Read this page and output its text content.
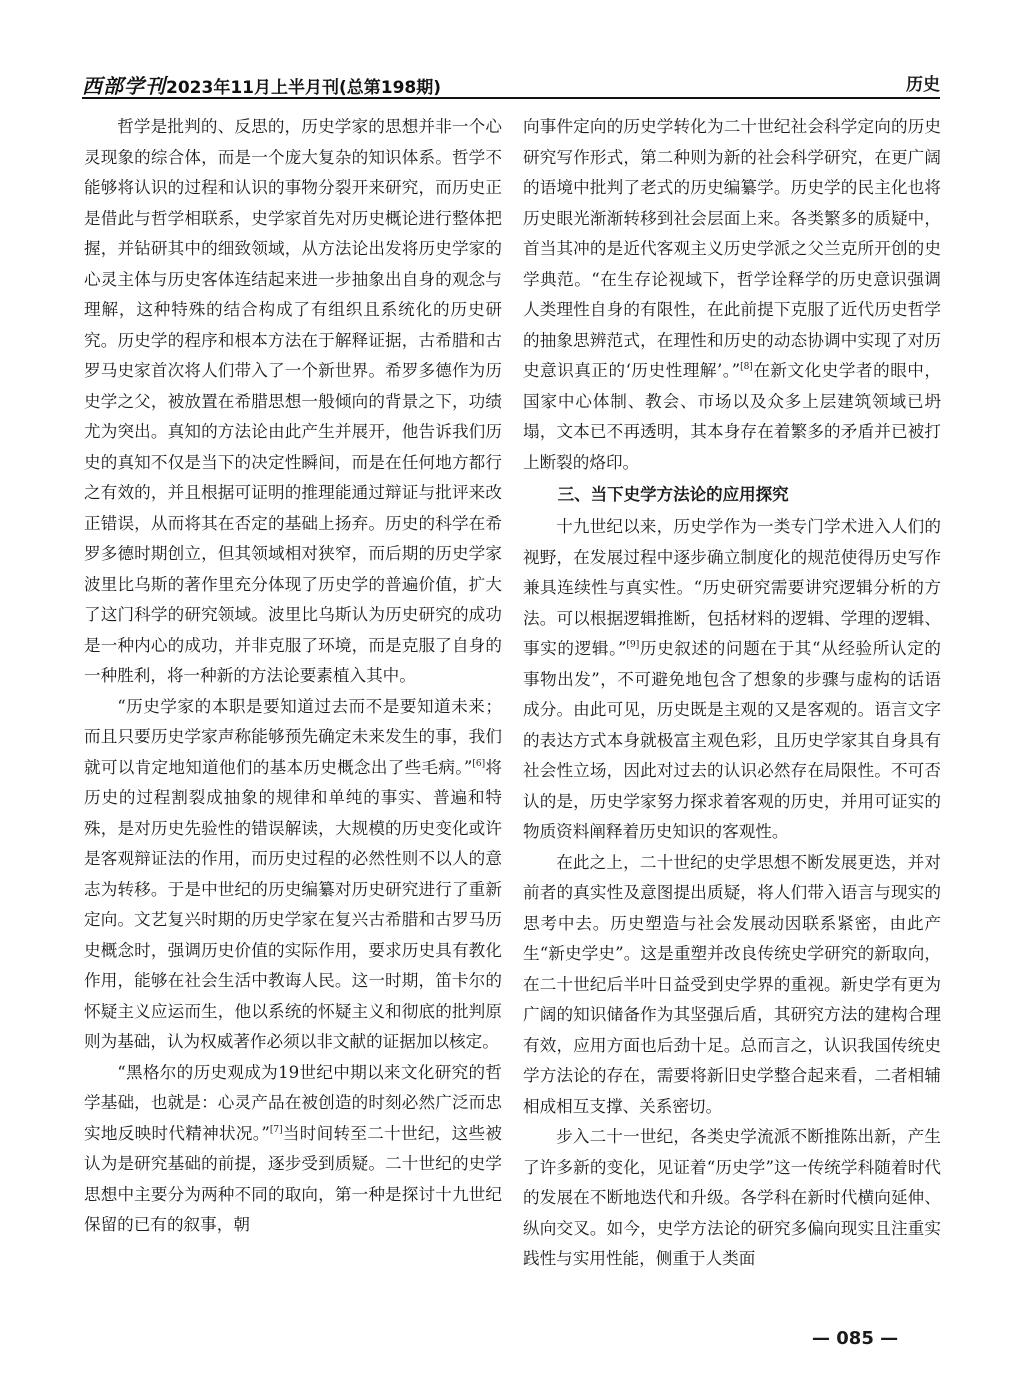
西部学刊 2023年11月上半月刊(总第198期)	历史

哲学是批判的、反思的，历史学家的思想并非一个心灵现象的综合体，而是一个庞大复杂的知识体系。哲学不能够将认识的过程和认识的事物分裂开来研究，而历史正是借此与哲学相联系，史学家首先对历史概论进行整体把握，并钻研其中的细致领域，从方法论出发将历史学家的心灵主体与历史客体连结起来进一步抽象出自身的观念与理解，这种特殊的结合构成了有组织且系统化的历史研究。历史学的程序和根本方法在于解释证据，古希腊和古罗马史家首次将人们带入了一个新世界。希罗多德作为历史学之父，被放置在希腊思想一般倾向的背景之下，功绩尤为突出。真知的方法论由此产生并展开，他告诉我们历史的真知不仅是当下的决定性瞬间，而是在任何地方都行之有效的，并且根据可证明的推理能通过辩证与批评来改正错误，从而将其在否定的基础上扬弃。历史的科学在希罗多德时期创立，但其领域相对狭窄，而后期的历史学家波里比乌斯的著作里充分体现了历史学的普遍价值，扩大了这门科学的研究领域。波里比乌斯认为历史研究的成功是一种内心的成功，并非克服了环境，而是克服了自身的一种胜利，将一种新的方法论要素植入其中。

“历史学家的本职是要知道过去而不是要知道未来；而且只要历史学家声称能够预先确定未来发生的事，我们就可以肯定地知道他们的基本历史概念出了些毛病。”[6]将历史的过程割裂成抽象的规律和单纯的事实、普遍和特殊，是对历史先验性的错误解读，大规模的历史变化或许是客观辩证法的作用，而历史过程的必然性则不以人的意志为转移。于是中世纪的历史编纂对历史研究进行了重新定向。文艺复兴时期的历史学家在复兴古希腊和古罗马历史概念时，强调历史价值的实际作用，要求历史具有教化作用，能够在社会生活中教诲人民。这一时期，笛卡尔的怀疑主义应运而生，他以系统的怀疑主义和彻底的批判原则为基础，认为权威著作必须以非文献的证据加以核定。

“黑格尔的历史观成为19世纪中期以来文化研究的哲学基础，也就是：心灵产品在被创造的时刻必然广泛而忠实地反映时代精神状况。”[7]当时间转至二十世纪，这些被认为是研究基础的前提，逐步受到质疑。二十世纪的史学思想中主要分为两种不同的取向，第一种是探讨十九世纪保留的已有的叙事，朝

向事件定向的历史学转化为二十世纪社会科学定向的历史研究写作形式，第二种则为新的社会科学研究，在更广阔的语境中批判了老式的历史编纂学。历史学的民主化也将历史眼光渐渐转移到社会层面上来。各类繁多的质疑中，首当其冲的是近代客观主义历史学派之父兰克所开创的史学典范。“在生存论视域下，哲学诠释学的历史意识强调人类理性自身的有限性，在此前提下克服了近代历史哲学的抽象思辨范式，在理性和历史的动态协调中实现了对历史意识真正的‘历史性理解’。”[8]在新文化史学者的眼中，国家中心体制、教会、市场以及众多上层建筑领域已坍塌，文本已不再透明，其本身存在着繁多的矛盾并已被打上断裂的烙印。

三、当下史学方法论的应用探究

十九世纪以来，历史学作为一类专门学术进入人们的视野，在发展过程中逐步确立制度化的规范使得历史写作兼具连续性与真实性。“历史研究需要讲究逻辑分析的方法。可以根据逻辑推断，包括材料的逻辑、学理的逻辑、事实的逻辑。”[9]历史叙述的问题在于其“从经验所认定的事物出发”，不可避免地包含了想象的步骤与虚构的话语成分。由此可见，历史既是主观的又是客观的。语言文字的表达方式本身就极富主观色彩，且历史学家其自身具有社会性立场，因此对过去的认识必然存在局限性。不可否认的是，历史学家努力探求着客观的历史，并用可证实的物质资料阐释着历史知识的客观性。

在此之上，二十世纪的史学思想不断发展更迭，并对前者的真实性及意图提出质疑，将人们带入语言与现实的思考中去。历史塑造与社会发展动因联系紧密，由此产生“新史学史”。这是重塑并改良传统史学研究的新取向，在二十世纪后半叶日益受到史学界的重视。新史学有更为广阔的知识储备作为其坚强后盾，其研究方法的建构合理有效，应用方面也后劲十足。总而言之，认识我国传统史学方法论的存在，需要将新旧史学整合起来看，二者相辅相成相互支撑、关系密切。

步入二十一世纪，各类史学流派不断推陈出新，产生了许多新的变化，见证着“历史学”这一传统学科随着时代的发展在不断地迭代和升级。各学科在新时代横向延伸、纵向交叉。如今，史学方法论的研究多偏向现实且注重实践性与实用性能，侧重于人类面

— 085 —
